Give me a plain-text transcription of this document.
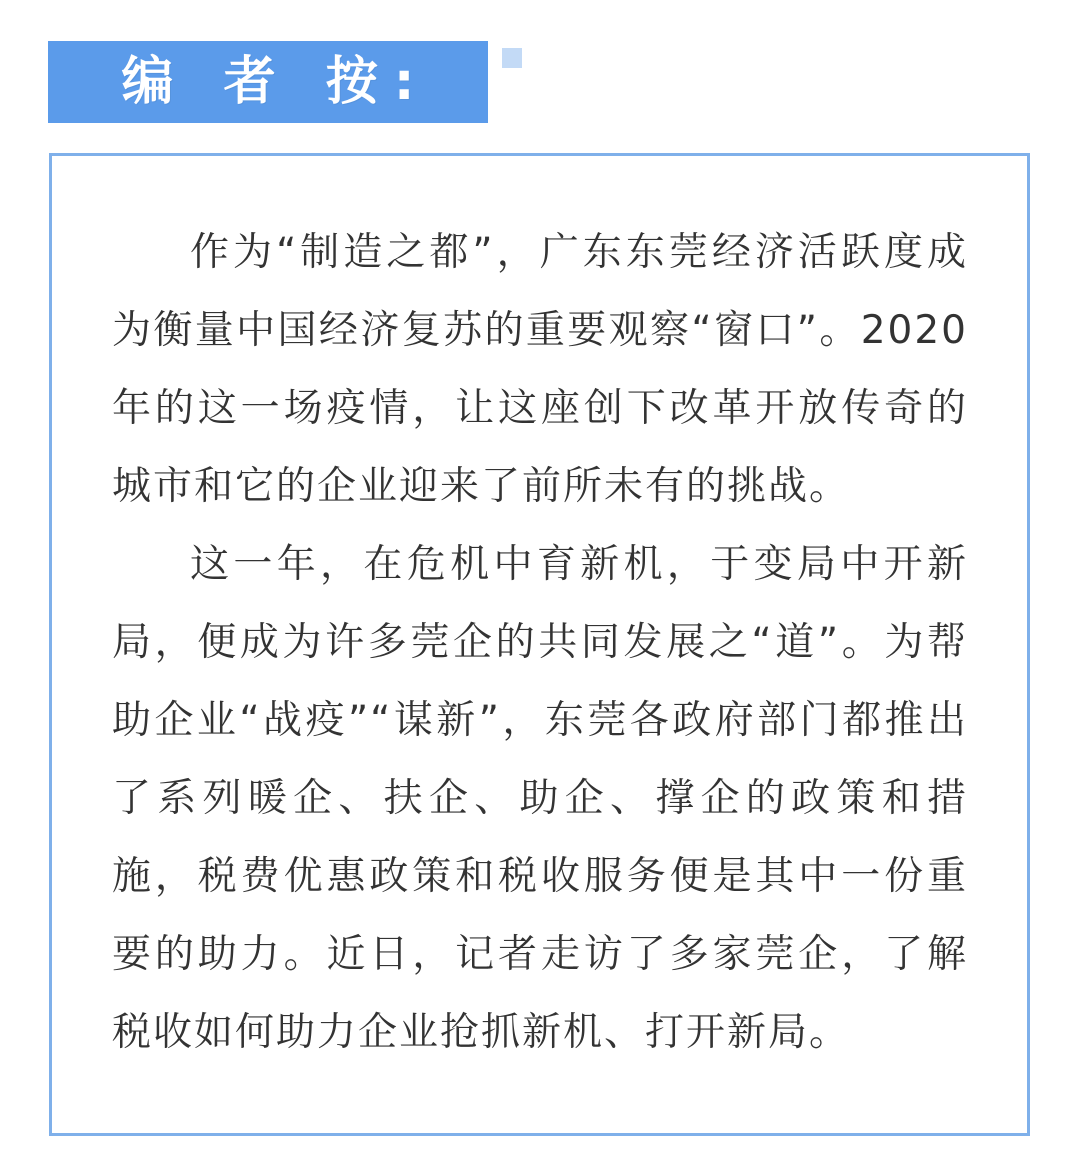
编 者 按:

作为“制造之都”，广东东莞经济活跃度成为衡量中国经济复苏的重要观察“窗口”。2020年的这一场疫情，让这座创下改革开放传奇的城市和它的企业迎来了前所未有的挑战。

这一年，在危机中育新机，于变局中开新局，便成为许多莞企的共同发展之“道”。为帮助企业“战疫”“谋新”，东莞各政府部门都推出了系列暖企、扶企、助企、撑企的政策和措施，税费优惠政策和税收服务便是其中一份重要的助力。近日，记者走访了多家莞企，了解税收如何助力企业抢抓新机、打开新局。
